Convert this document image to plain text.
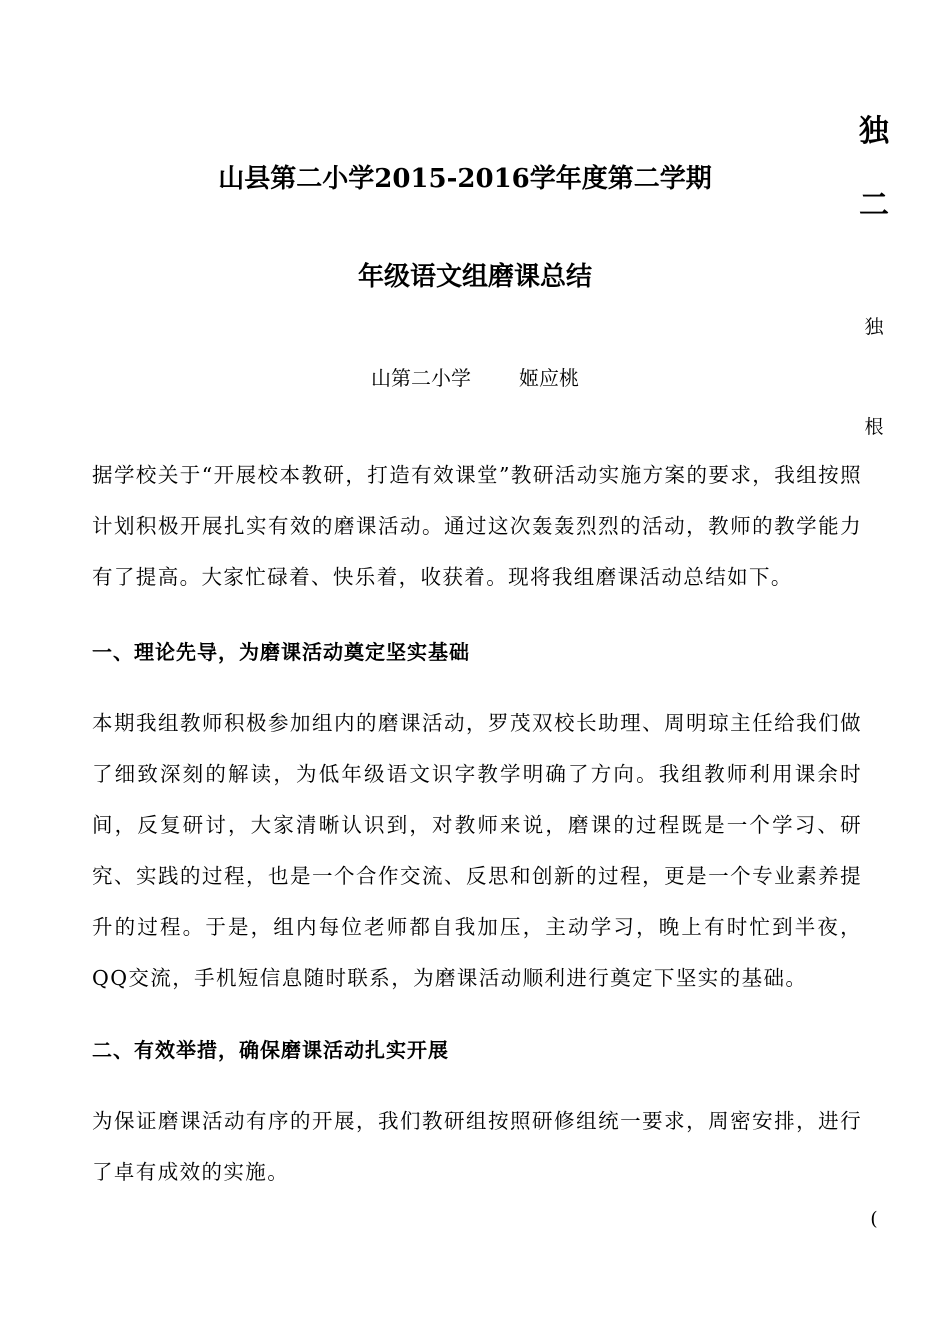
山县第二小学2015-2016学年度第二学期
年级语文组磨课总结
山第二小学 姬应桃
独
二
独
根
(

据学校关于“开展校本教研，打造有效课堂”教研活动实施方案的要求，我组按照计划积极开展扎实有效的磨课活动。通过这次轰轰烈烈的活动，教师的教学能力有了提高。大家忙碌着、快乐着，收获着。现将我组磨课活动总结如下。

一、理论先导，为磨课活动奠定坚实基础

本期我组教师积极参加组内的磨课活动，罗茂双校长助理、周明琼主任给我们做了细致深刻的解读，为低年级语文识字教学明确了方向。我组教师利用课余时间，反复研讨，大家清晰认识到，对教师来说，磨课的过程既是一个学习、研究、实践的过程，也是一个合作交流、反思和创新的过程，更是一个专业素养提升的过程。于是，组内每位老师都自我加压，主动学习，晚上有时忙到半夜，QQ交流，手机短信息随时联系，为磨课活动顺利进行奠定下坚实的基础。

二、有效举措，确保磨课活动扎实开展

为保证磨课活动有序的开展，我们教研组按照研修组统一要求，周密安排，进行了卓有成效的实施。
